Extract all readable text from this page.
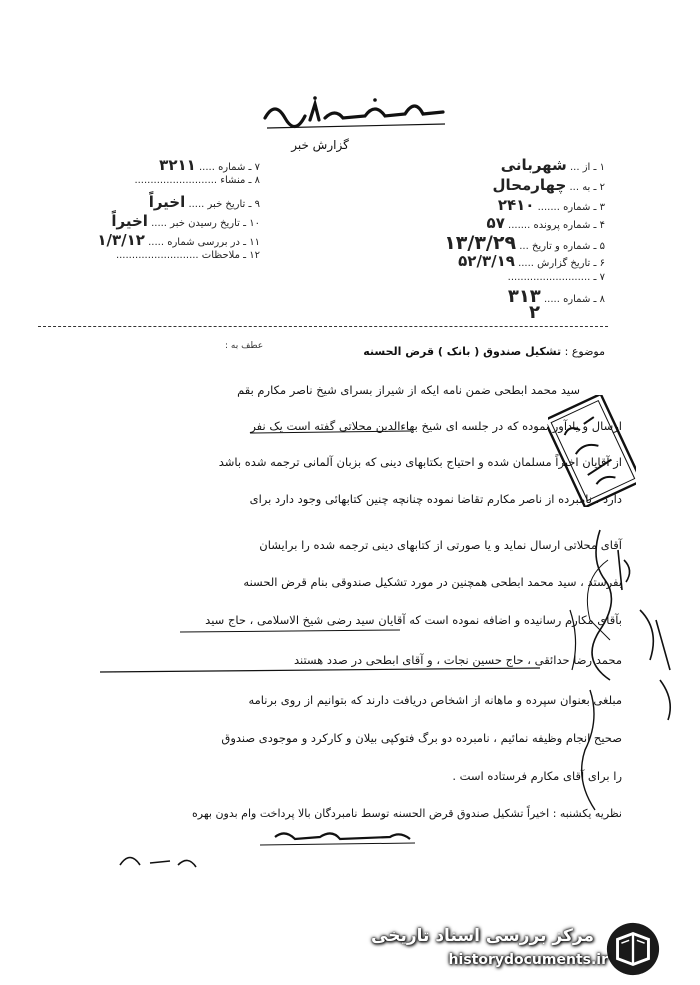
گزارش خبر
۷ ـ شماره ..... ۳۲۱۱
۸ ـ منشاء ..........................
۹ ـ تاریخ خبر ..... اخیراً
۱۰ ـ تاریخ رسیدن خبر ..... اخیراً
۱۱ ـ در بررسی شماره ..... ۱/۳/۱۲
۱۲ ـ ملاحظات ..........................
۱ ـ از ... شهربانی
۲ ـ به ... چهارمحال
۳ ـ شماره ....... ۲۴۱۰
۴ ـ شماره پرونده ....... ۵۷
۵ ـ شماره و تاریخ ... ۱۳/۳/۲۹
۶ ـ تاریخ گزارش ..... ۵۲/۳/۱۹
۷ ـ ..........................
۸ ـ شماره ..... ۳۱۳
۲
موضوع : تشکیل صندوق ( بانک ) قرض الحسنه
عطف به :
سید محمد ابطحی ضمن نامه ایکه از شیراز بسرای شیخ ناصر مکارم بقم
ارسال و یادآور نموده که در جلسه ای شیخ بهاءالدین محلاتی گفته است یک نفر
از آقایان اخیراً مسلمان شده و احتیاج بکتابهای دینی که بزبان آلمانی ترجمه شده باشد
دارد ، نامبرده از ناصر مکارم تقاضا نموده چنانچه چنین کتابهائی وجود دارد برای
آقای محلاتی ارسال نماید و یا صورتی از کتابهای دینی ترجمه شده را برایشان
بفرستد ، سید محمد ابطحی همچنین در مورد تشکیل صندوقی بنام قرض الحسنه
بآقای مکارم رسانیده و اضافه نموده است که آقایان سید رضی شیخ الاسلامی ، حاج سید
محمد رضا حدائقی ، حاج حسین نجات ، و آقای ابطحی در صدد هستند
مبلغی بعنوان سپرده و ماهانه از اشخاص دریافت دارند که بتوانیم از روی برنامه
صحیح انجام وظیفه نمائیم ، نامبرده دو برگ فتوکپی بیلان و کارکرد و موجودی صندوق
را برای آقای مکارم فرستاده است .
نظریه یکشنبه : اخیراً تشکیل صندوق قرض الحسنه توسط نامبردگان بالا پرداخت وام بدون بهره
مرکز بررسی اسناد تاریخی
historydocuments.ir
